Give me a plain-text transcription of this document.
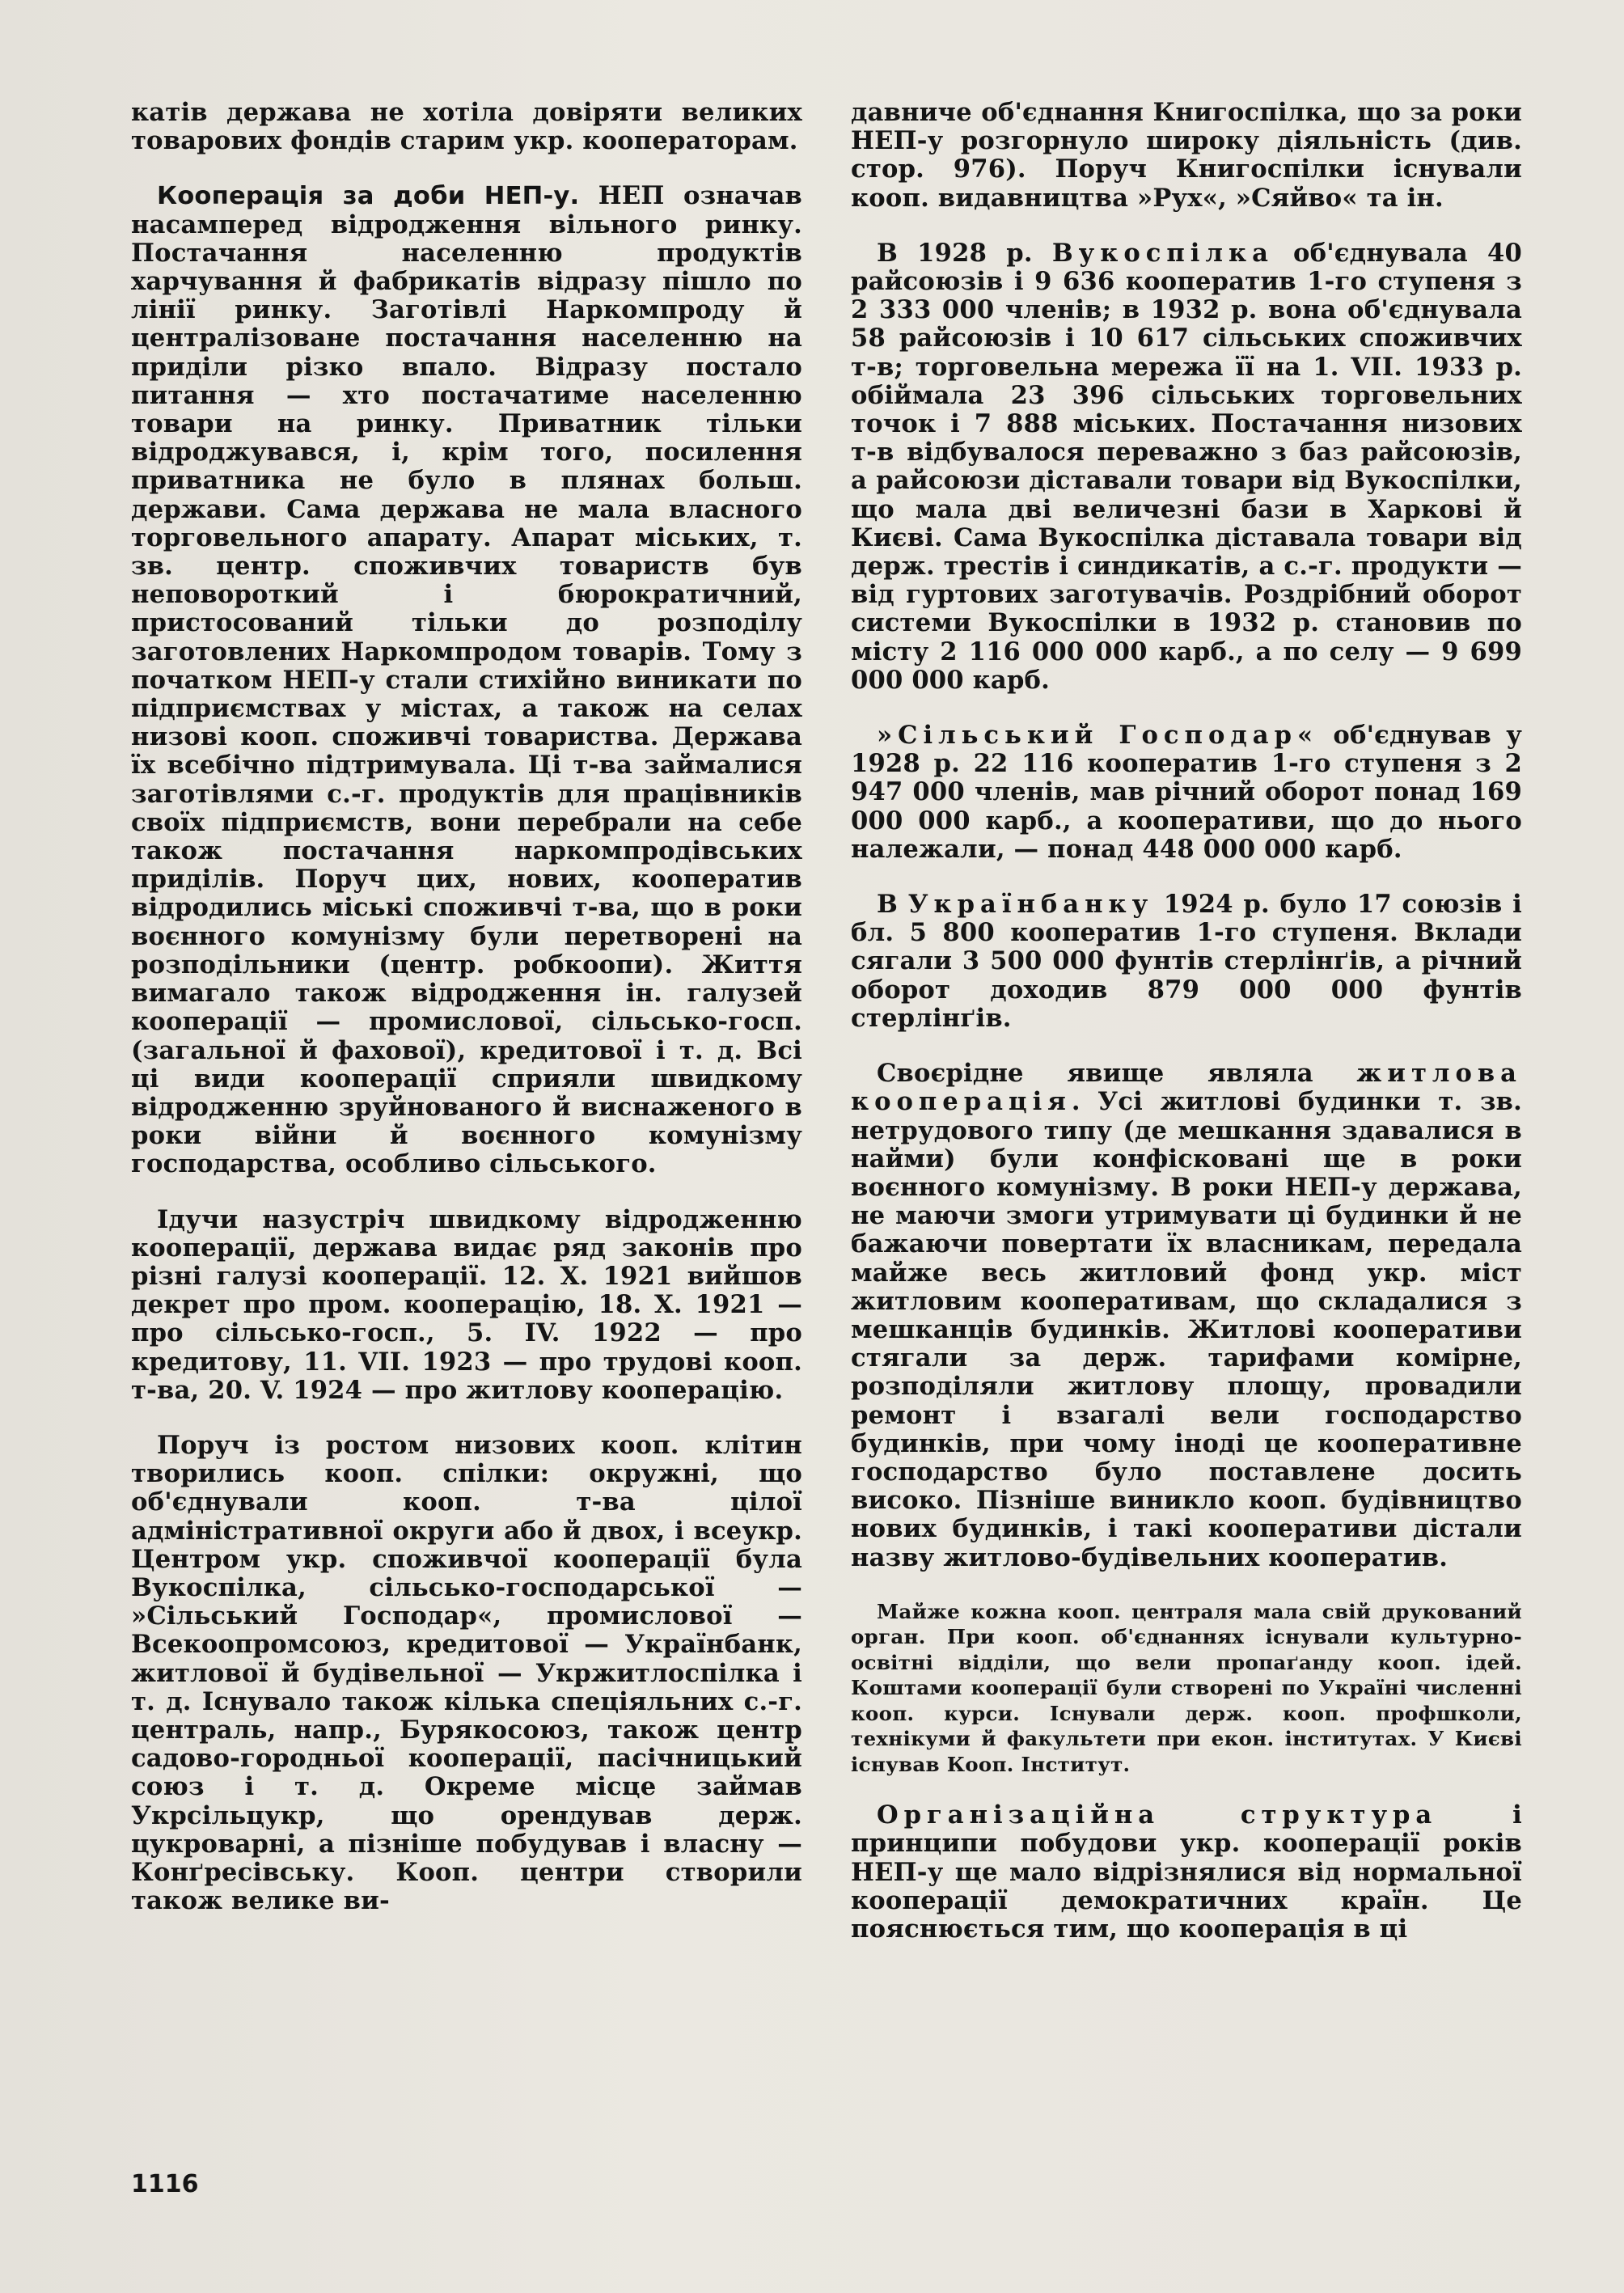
катів держава не хотіла довіряти великих товарових фондів старим укр. кооператорам.

Кооперація за доби НЕП-у. НЕП означав насамперед відродження вільного ринку. Постачання населенню продуктів харчування й фабрикатів відразу пішло по лінії ринку. Заготівлі Наркомпроду й централізоване постачання населенню на приділи різко впало. Відразу постало питання — хто постачатиме населенню товари на ринку. Приватник тільки відроджувався, і, крім того, посилення приватника не було в плянах больш. держави. Сама держава не мала власного торговельного апарату. Апарат міських, т. зв. центр. споживчих товариств був неповороткий і бюрократичний, пристосований тільки до розподілу заготовлених Наркомпродом товарів. Тому з початком НЕП-у стали стихійно виникати по підприємствах у містах, а також на селах низові кооп. споживчі товариства. Держава їх всебічно підтримувала. Ці т-ва займалися заготівлями с.-г. продуктів для працівників своїх підприємств, вони перебрали на себе також постачання наркомпродівських приділів. Поруч цих, нових, кооператив відродились міські споживчі т-ва, що в роки воєнного комунізму були перетворені на розподільники (центр. робкоопи). Життя вимагало також відродження ін. галузей кооперації — промислової, сільсько-госп. (загальної й фахової), кредитової і т. д. Всі ці види кооперації сприяли швидкому відродженню зруйнованого й виснаженого в роки війни й воєнного комунізму господарства, особливо сільського.

Ідучи назустріч швидкому відродженню кооперації, держава видає ряд законів про різні галузі кооперації. 12. X. 1921 вийшов декрет про пром. кооперацію, 18. X. 1921 — про сільсько-госп., 5. IV. 1922 — про кредитову, 11. VII. 1923 — про трудові кооп. т-ва, 20. V. 1924 — про житлову кооперацію.

Поруч із ростом низових кооп. клітин творились кооп. спілки: окружні, що об'єднували кооп. т-ва цілої адміністративної округи або й двох, і всеукр. Центром укр. споживчої кооперації була Вукоспілка, сільсько-господарської — »Сільський Господар«, промислової — Всекоопромсоюз, кредитової — Українбанк, житлової й будівельної — Укржитлоспілка і т. д. Існувало також кілька спеціяльних с.-г. централь, напр., Бурякосоюз, також центр садово-городньої кооперації, пасічницький союз і т. д. Окреме місце займав Укрсільцукр, що орендував держ. цукроварні, а пізніше побудував і власну — Конґресівську. Кооп. центри створили також велике ви-

давниче об'єднання Книгоспілка, що за роки НЕП-у розгорнуло широку діяльність (див. стор. 976). Поруч Книгоспілки існували кооп. видавництва »Рух«, »Сяйво« та ін.

В 1928 р. Вукоспілка об'єднувала 40 райсоюзів і 9 636 кооператив 1-го ступеня з 2 333 000 членів; в 1932 р. вона об'єднувала 58 райсоюзів і 10 617 сільських споживчих т-в; торговельна мережа її на 1. VII. 1933 р. обіймала 23 396 сільських торговельних точок і 7 888 міських. Постачання низових т-в відбувалося переважно з баз райсоюзів, а райсоюзи діставали товари від Вукоспілки, що мала дві величезні бази в Харкові й Києві. Сама Вукоспілка діставала товари від держ. трестів і синдикатів, а с.-г. продукти — від гуртових заготувачів. Роздрібний оборот системи Вукоспілки в 1932 р. становив по місту 2 116 000 000 карб., а по селу — 9 699 000 000 карб.

»Сільський Господар« об'єднував у 1928 р. 22 116 кооператив 1-го ступеня з 2 947 000 членів, мав річний оборот понад 169 000 000 карб., а кооперативи, що до нього належали, — понад 448 000 000 карб.

В Українбанку 1924 р. було 17 союзів і бл. 5 800 кооператив 1-го ступеня. Вклади сягали 3 500 000 фунтів стерлінґів, а річний оборот доходив 879 000 000 фунтів стерлінґів.

Своєрідне явище являла житлова кооперація. Усі житлові будинки т. зв. нетрудового типу (де мешкання здавалися в найми) були конфісковані ще в роки воєнного комунізму. В роки НЕП-у держава, не маючи змоги утримувати ці будинки й не бажаючи повертати їх власникам, передала майже весь житловий фонд укр. міст житловим кооперативам, що складалися з мешканців будинків. Житлові кооперативи стягали за держ. тарифами комірне, розподіляли житлову площу, провадили ремонт і взагалі вели господарство будинків, при чому іноді це кооперативне господарство було поставлене досить високо. Пізніше виникло кооп. будівництво нових будинків, і такі кооперативи дістали назву житлово-будівельних кооператив.

Майже кожна кооп. централя мала свій друкований орган. При кооп. об'єднаннях існували культурно-освітні відділи, що вели пропаґанду кооп. ідей. Коштами кооперації були створені по Україні численні кооп. курси. Існували держ. кооп. профшколи, технікуми й факультети при екон. інститутах. У Києві існував Кооп. Інститут.

Організаційна структура і принципи побудови укр. кооперації років НЕП-у ще мало відрізнялися від нормальної кооперації демократичних країн. Це пояснюється тим, що кооперація в ці

1116
